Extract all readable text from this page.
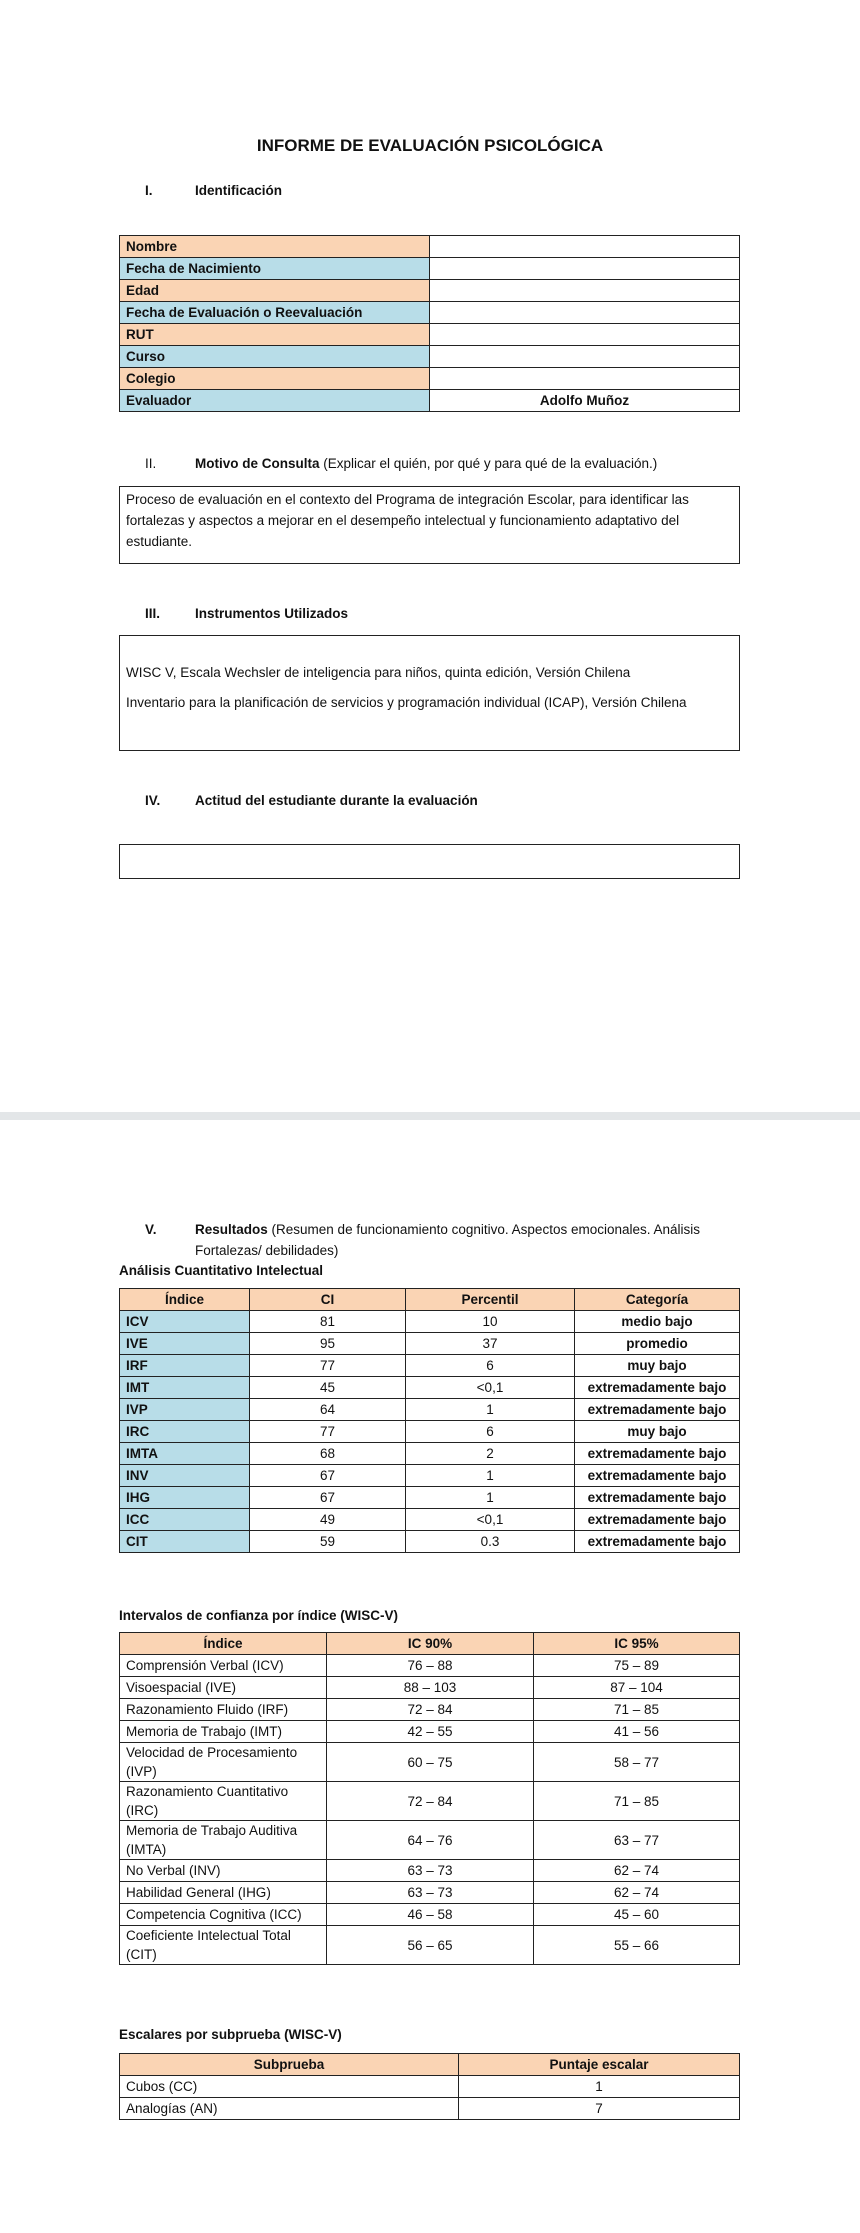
INFORME DE EVALUACIÓN PSICOLÓGICA
I.	Identificación
Nombre	
Fecha de Nacimiento	
Edad	
Fecha de Evaluación o Reevaluación	
RUT	
Curso	
Colegio	
Evaluador	Adolfo Muñoz
II.	Motivo de Consulta (Explicar el quién, por qué y para qué de la evaluación.)
Proceso de evaluación en el contexto del Programa de integración Escolar, para identificar las fortalezas y aspectos a mejorar en el desempeño intelectual y funcionamiento adaptativo del estudiante.
III.	Instrumentos Utilizados
WISC V, Escala Wechsler de inteligencia para niños, quinta edición, Versión Chilena
Inventario para la planificación de servicios y programación individual (ICAP), Versión Chilena
IV.	Actitud del estudiante durante la evaluación
V.	Resultados (Resumen de funcionamiento cognitivo. Aspectos emocionales. Análisis Fortalezas/ debilidades)
Análisis Cuantitativo Intelectual
Índice	CI	Percentil	Categoría
ICV	81	10	medio bajo
IVE	95	37	promedio
IRF	77	6	muy bajo
IMT	45	<0,1	extremadamente bajo
IVP	64	1	extremadamente bajo
IRC	77	6	muy bajo
IMTA	68	2	extremadamente bajo
INV	67	1	extremadamente bajo
IHG	67	1	extremadamente bajo
ICC	49	<0,1	extremadamente bajo
CIT	59	0.3	extremadamente bajo
Intervalos de confianza por índice (WISC-V)
Índice	IC 90%	IC 95%
Comprensión Verbal (ICV)	76 – 88	75 – 89
Visoespacial (IVE)	88 – 103	87 – 104
Razonamiento Fluido (IRF)	72 – 84	71 – 85
Memoria de Trabajo (IMT)	42 – 55	41 – 56
Velocidad de Procesamiento (IVP)	60 – 75	58 – 77
Razonamiento Cuantitativo (IRC)	72 – 84	71 – 85
Memoria de Trabajo Auditiva (IMTA)	64 – 76	63 – 77
No Verbal (INV)	63 – 73	62 – 74
Habilidad General (IHG)	63 – 73	62 – 74
Competencia Cognitiva (ICC)	46 – 58	45 – 60
Coeficiente Intelectual Total (CIT)	56 – 65	55 – 66
Escalares por subprueba (WISC-V)
Subprueba	Puntaje escalar
Cubos (CC)	1
Analogías (AN)	7
